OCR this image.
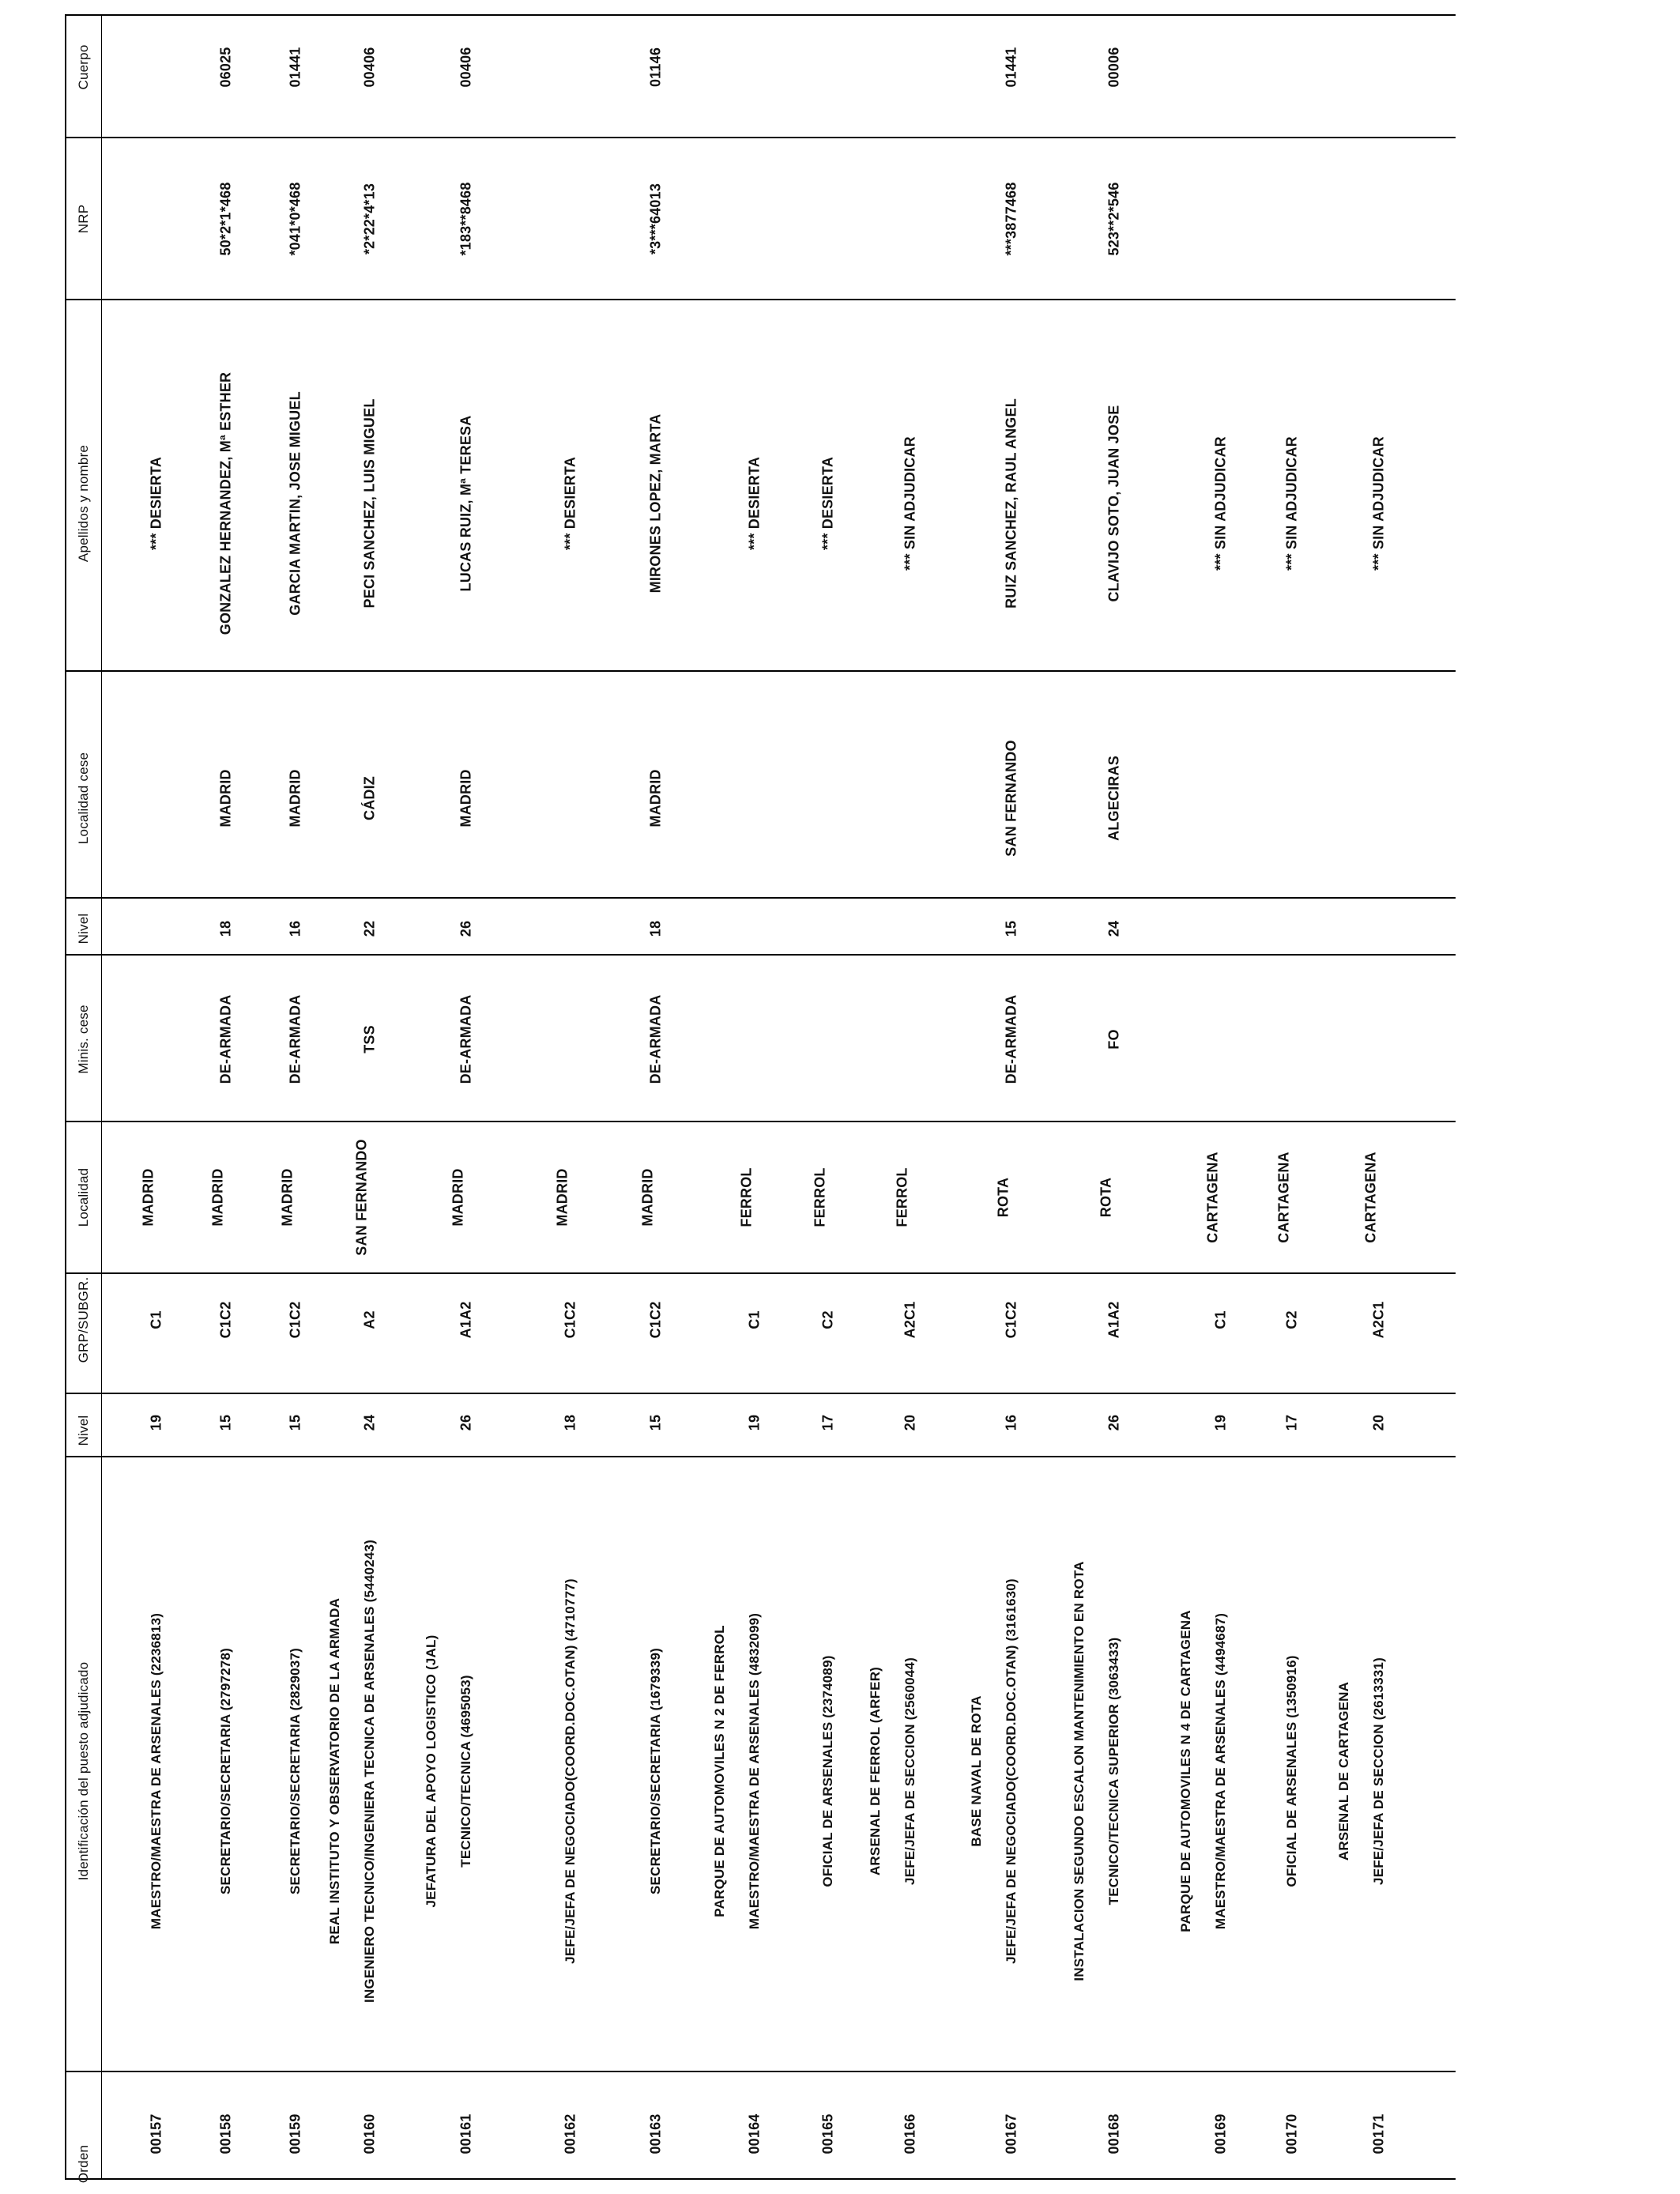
Orden
Identificación del puesto adjudicado
Nivel
GRP/SUBGR.
Localidad
Minis. cese
Nivel
Localidad cese
Apellidos y nombre
NRP
Cuerpo
00157
MAESTRO/MAESTRA DE ARSENALES (2236813)
19
C1
MADRID
*** DESIERTA
00158
SECRETARIO/SECRETARIA (2797278)
15
C1C2
MADRID
DE-ARMADA
18
MADRID
GONZALEZ HERNANDEZ, Mª ESTHER
50*2*1*468
06025
00159
SECRETARIO/SECRETARIA (2829037)
15
C1C2
MADRID
DE-ARMADA
16
MADRID
GARCIA MARTIN, JOSE MIGUEL
*041*0*468
01441
00160
REAL INSTITUTO Y OBSERVATORIO DE LA ARMADA INGENIERO TECNICO/INGENIERA TECNICA DE ARSENALES (5440243)
24
A2
SAN FERNANDO
TSS
22
CÁDIZ
PECI SANCHEZ, LUIS MIGUEL
*2*22*4*13
00406
00161
JEFATURA DEL APOYO LOGISTICO (JAL) TECNICO/TECNICA (4695053)
26
A1A2
MADRID
DE-ARMADA
26
MADRID
LUCAS RUIZ, Mª TERESA
*183**8468
00406
00162
JEFE/JEFA DE NEGOCIADO(COORD.DOC.OTAN) (4710777)
18
C1C2
MADRID
*** DESIERTA
00163
SECRETARIO/SECRETARIA (1679339)
15
C1C2
MADRID
DE-ARMADA
18
MADRID
MIRONES LOPEZ, MARTA
*3***64013
01146
00164
PARQUE DE AUTOMOVILES N 2 DE FERROL MAESTRO/MAESTRA DE ARSENALES (4832099)
19
C1
FERROL
*** DESIERTA
00165
OFICIAL DE ARSENALES (2374089)
17
C2
FERROL
*** DESIERTA
00166
ARSENAL DE FERROL (ARFER) JEFE/JEFA DE SECCION (2560044)
20
A2C1
FERROL
*** SIN ADJUDICAR
00167
BASE NAVAL DE ROTA JEFE/JEFA DE NEGOCIADO(COORD.DOC.OTAN) (3161630)
16
C1C2
ROTA
DE-ARMADA
15
SAN FERNANDO
RUIZ SANCHEZ, RAUL ANGEL
***3877468
01441
00168
INSTALACION SEGUNDO ESCALON MANTENIMIENTO EN ROTA TECNICO/TECNICA SUPERIOR (3063433)
26
A1A2
ROTA
FO
24
ALGECIRAS
CLAVIJO SOTO, JUAN JOSE
523**2*546
00006
00169
PARQUE DE AUTOMOVILES N 4 DE CARTAGENA MAESTRO/MAESTRA DE ARSENALES (4494687)
19
C1
CARTAGENA
*** SIN ADJUDICAR
00170
OFICIAL DE ARSENALES (1350916)
17
C2
CARTAGENA
*** SIN ADJUDICAR
00171
ARSENAL DE CARTAGENA JEFE/JEFA DE SECCION (2613331)
20
A2C1
CARTAGENA
*** SIN ADJUDICAR
